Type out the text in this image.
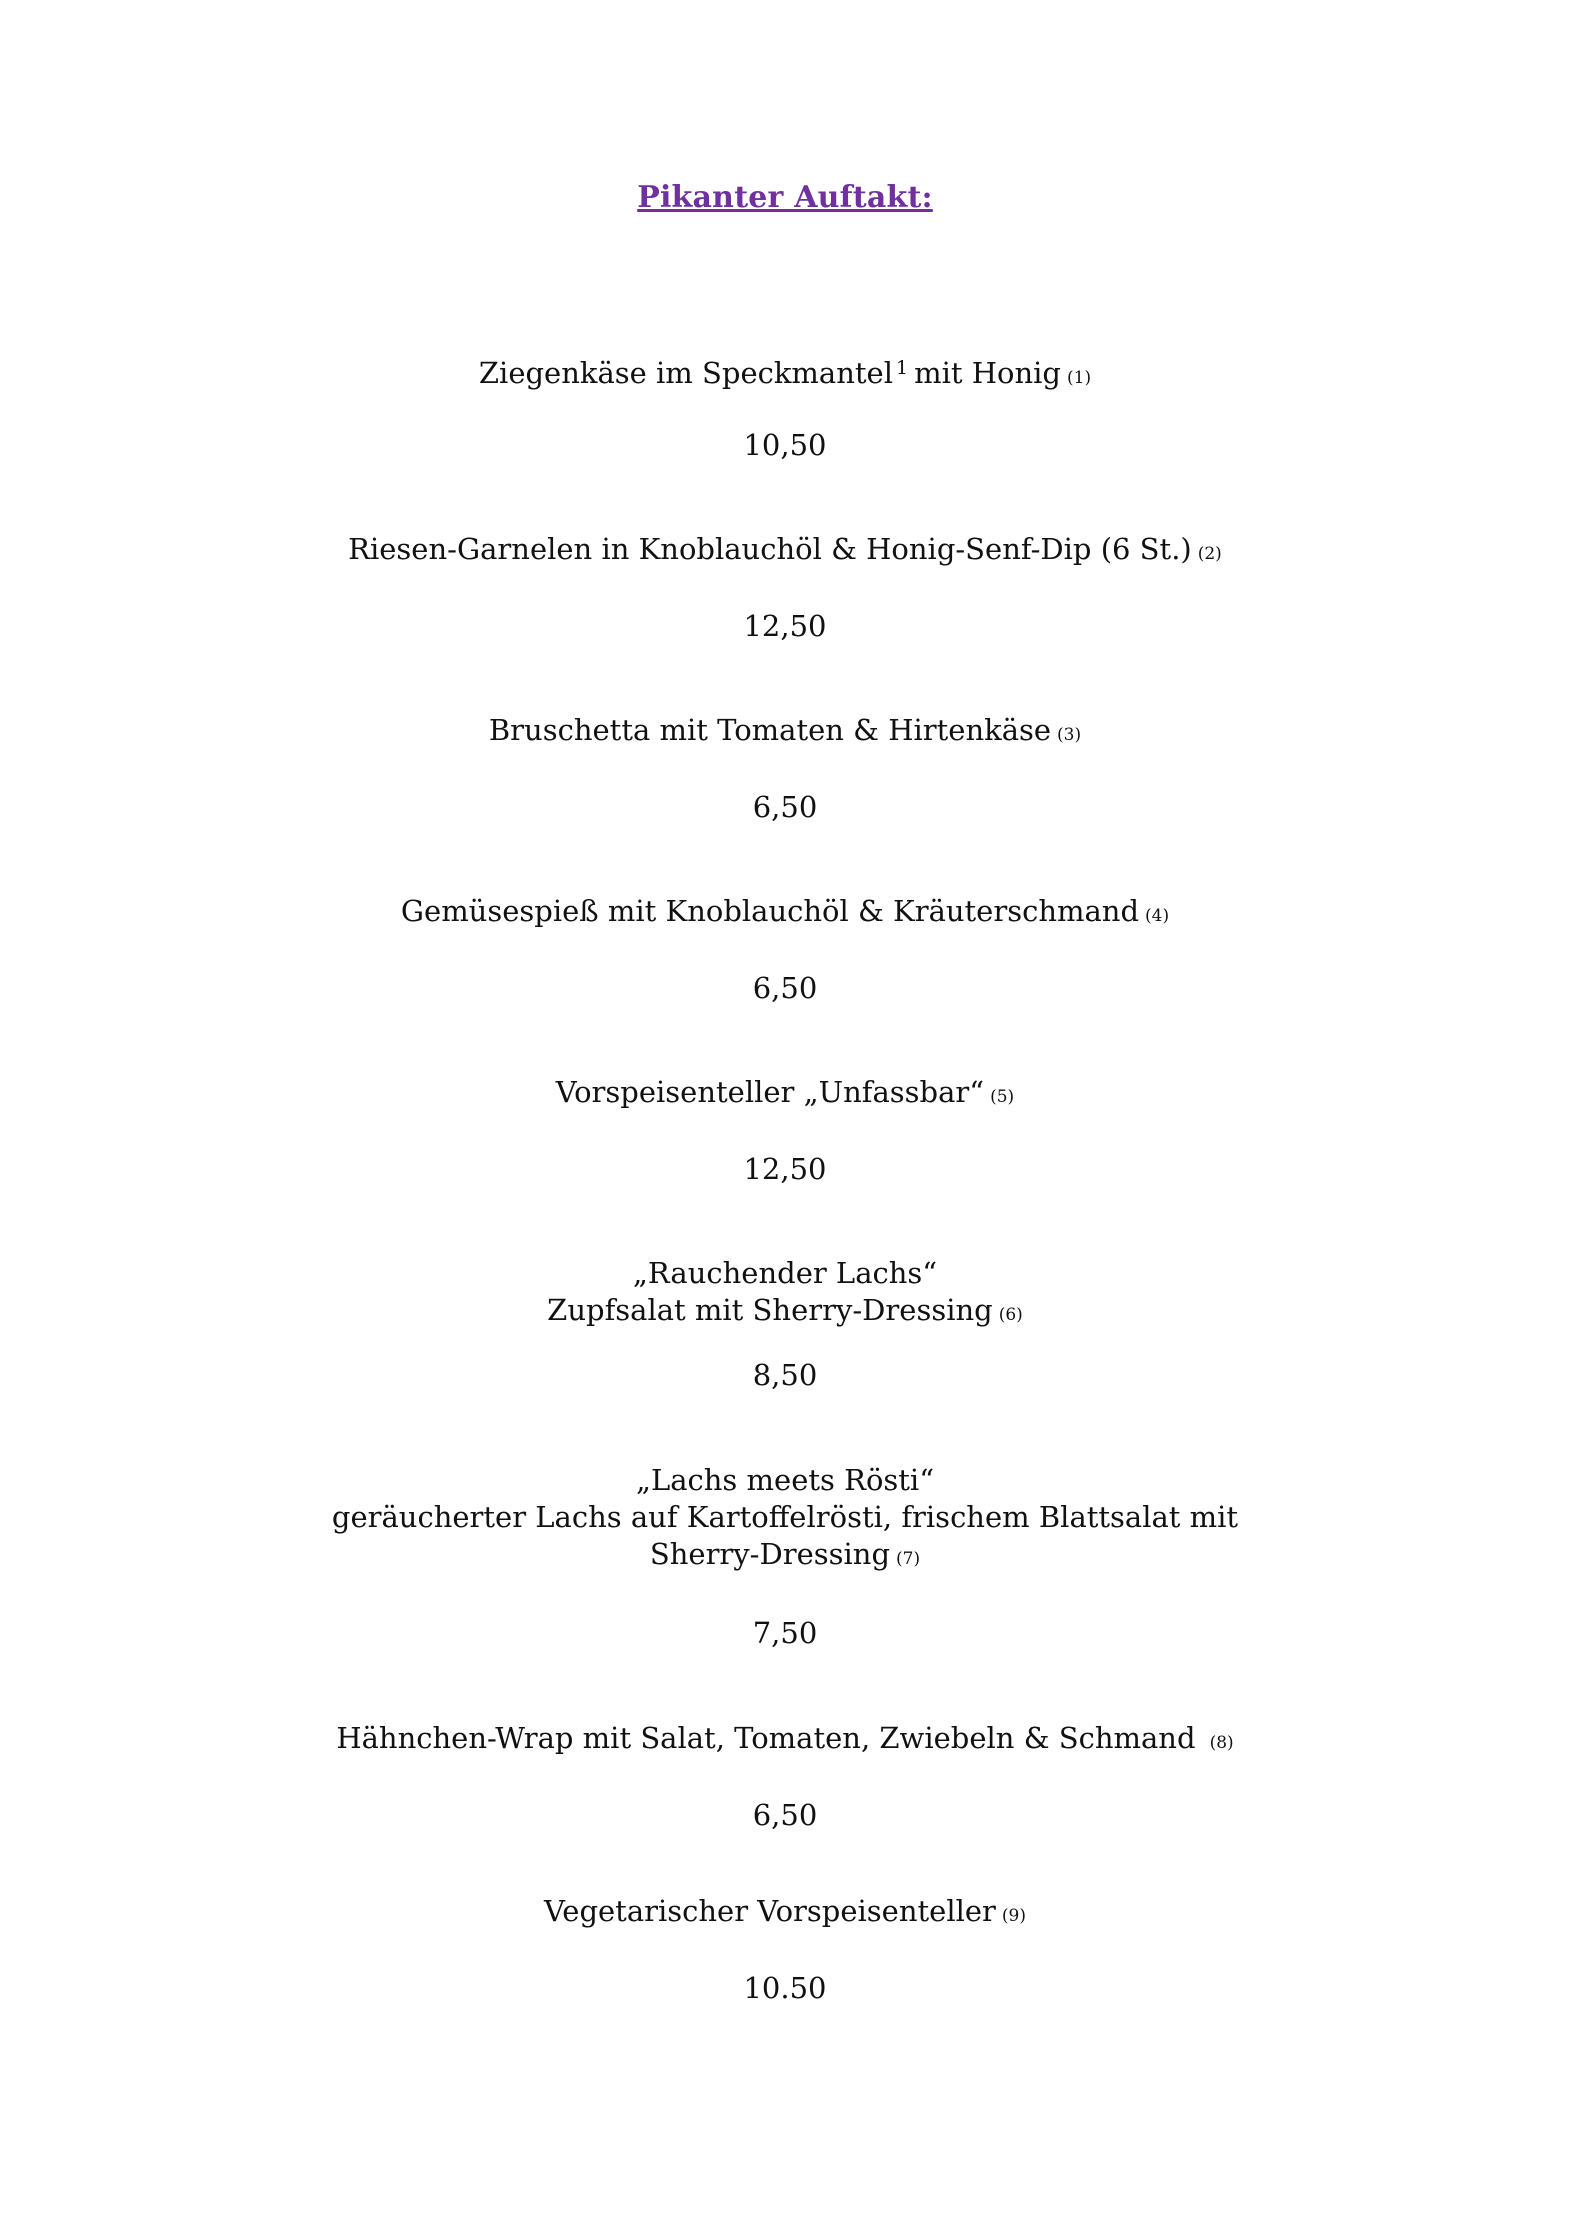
Pikanter Auftakt:
Ziegenkäse im Speckmantel $^1$ mit Honig (1)
10,50
Riesen-Garnelen in Knoblauchöl & Honig-Senf-Dip (6 St.) (2)
12,50
Bruschetta mit Tomaten & Hirtenkäse (3)
6,50
Gemüsespieß mit Knoblauchöl & Kräuterschmand (4)
6,50
Vorspeisenteller „Unfassbar“ (5)
12,50
„Rauchender Lachs“
Zupfsalat mit Sherry-Dressing (6)
8,50
„Lachs meets Rösti“
geräucherter Lachs auf Kartoffelrösti, frischem Blattsalat mit
Sherry-Dressing (7)
7,50
Hähnchen-Wrap mit Salat, Tomaten, Zwiebeln & Schmand (8)
6,50
Vegetarischer Vorspeisenteller (9)
10.50
